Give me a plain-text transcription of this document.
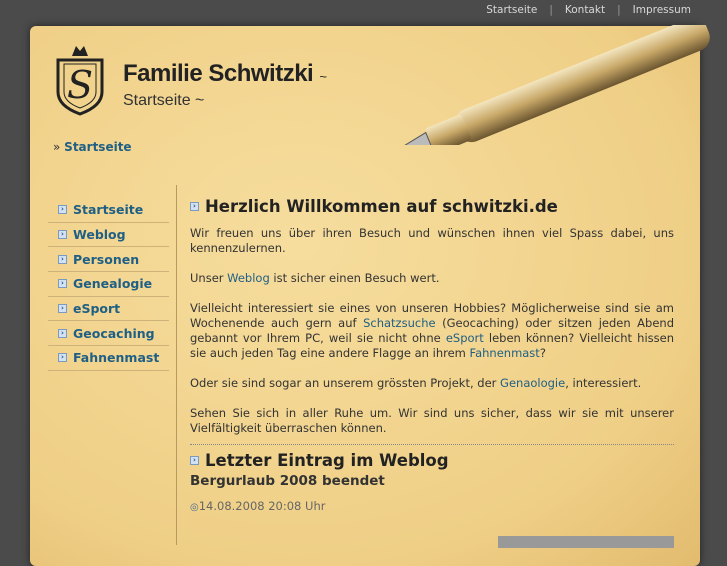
Startseite | Kontakt | Impressum
S Familie Schwitzki ~
Startseite ~
» Startseite
› Startseite
› Weblog
› Personen
› Genealogie
› eSport
› Geocaching
› Fahnenmast
› Herzlich Willkommen auf schwitzki.de

Wir freuen uns über ihren Besuch und wünschen ihnen viel Spass dabei, uns kennenzulernen.

Unser Weblog ist sicher einen Besuch wert.

Vielleicht interessiert sie eines von unseren Hobbies? Möglicherweise sind sie am Wochenende auch gern auf Schatzsuche (Geocaching) oder sitzen jeden Abend gebannt vor Ihrem PC, weil sie nicht ohne eSport leben können? Vielleicht hissen sie auch jeden Tag eine andere Flagge an ihrem Fahnenmast?

Oder sie sind sogar an unserem grössten Projekt, der Genaologie, interessiert.

Sehen Sie sich in aller Ruhe um. Wir sind uns sicher, dass wir sie mit unserer Vielfältigkeit überraschen können.

› Letzter Eintrag im Weblog
Bergurlaub 2008 beendet
◎14.08.2008 20:08 Uhr
